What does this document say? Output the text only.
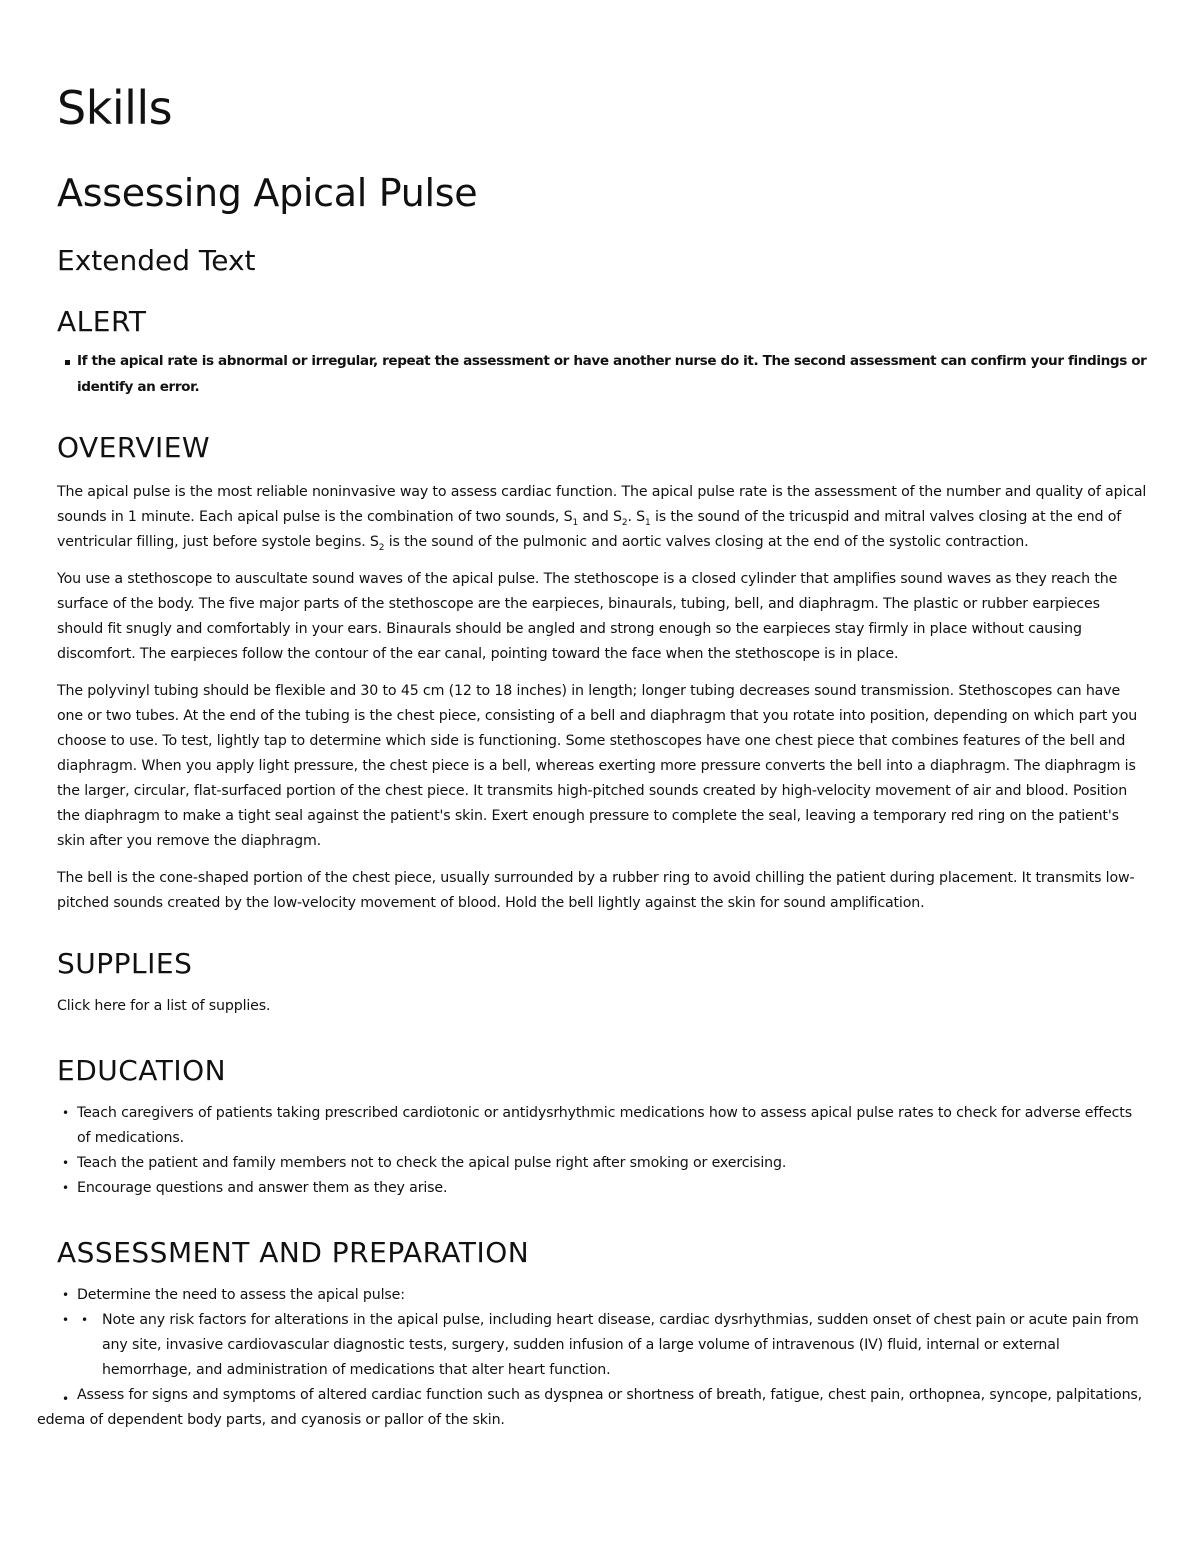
Skills
Assessing Apical Pulse
Extended Text
ALERT
If the apical rate is abnormal or irregular, repeat the assessment or have another nurse do it. The second assessment can confirm your findings or identify an error.
OVERVIEW

The apical pulse is the most reliable noninvasive way to assess cardiac function. The apical pulse rate is the assessment of the number and quality of apical sounds in 1 minute. Each apical pulse is the combination of two sounds, $S_1$ and $S_2$. $S_1$ is the sound of the tricuspid and mitral valves closing at the end of ventricular filling, just before systole begins. $S_2$ is the sound of the pulmonic and aortic valves closing at the end of the systolic contraction.

You use a stethoscope to auscultate sound waves of the apical pulse. The stethoscope is a closed cylinder that amplifies sound waves as they reach the surface of the body. The five major parts of the stethoscope are the earpieces, binaurals, tubing, bell, and diaphragm. The plastic or rubber earpieces should fit snugly and comfortably in your ears. Binaurals should be angled and strong enough so the earpieces stay firmly in place without causing discomfort. The earpieces follow the contour of the ear canal, pointing toward the face when the stethoscope is in place.

The polyvinyl tubing should be flexible and 30 to 45 cm (12 to 18 inches) in length; longer tubing decreases sound transmission. Stethoscopes can have one or two tubes. At the end of the tubing is the chest piece, consisting of a bell and diaphragm that you rotate into position, depending on which part you choose to use. To test, lightly tap to determine which side is functioning. Some stethoscopes have one chest piece that combines features of the bell and diaphragm. When you apply light pressure, the chest piece is a bell, whereas exerting more pressure converts the bell into a diaphragm. The diaphragm is the larger, circular, flat-surfaced portion of the chest piece. It transmits high-pitched sounds created by high-velocity movement of air and blood. Position the diaphragm to make a tight seal against the patient's skin. Exert enough pressure to complete the seal, leaving a temporary red ring on the patient's skin after you remove the diaphragm.

The bell is the cone-shaped portion of the chest piece, usually surrounded by a rubber ring to avoid chilling the patient during placement. It transmits low-pitched sounds created by the low-velocity movement of blood. Hold the bell lightly against the skin for sound amplification.

SUPPLIES

Click here for a list of supplies.

EDUCATION
• Teach caregivers of patients taking prescribed cardiotonic or antidysrhythmic medications how to assess apical pulse rates to check for adverse effects of medications.
• Teach the patient and family members not to check the apical pulse right after smoking or exercising.
• Encourage questions and answer them as they arise.
ASSESSMENT AND PREPARATION
• Determine the need to assess the apical pulse:
• • Note any risk factors for alterations in the apical pulse, including heart disease, cardiac dysrhythmias, sudden onset of chest pain or acute pain from any site, invasive cardiovascular diagnostic tests, surgery, sudden infusion of a large volume of intravenous (IV) fluid, internal or external hemorrhage, and administration of medications that alter heart function.
• Assess for signs and symptoms of altered cardiac function such as dyspnea or shortness of breath, fatigue, chest pain, orthopnea, syncope, palpitations, edema of dependent body parts, and cyanosis or pallor of the skin.
